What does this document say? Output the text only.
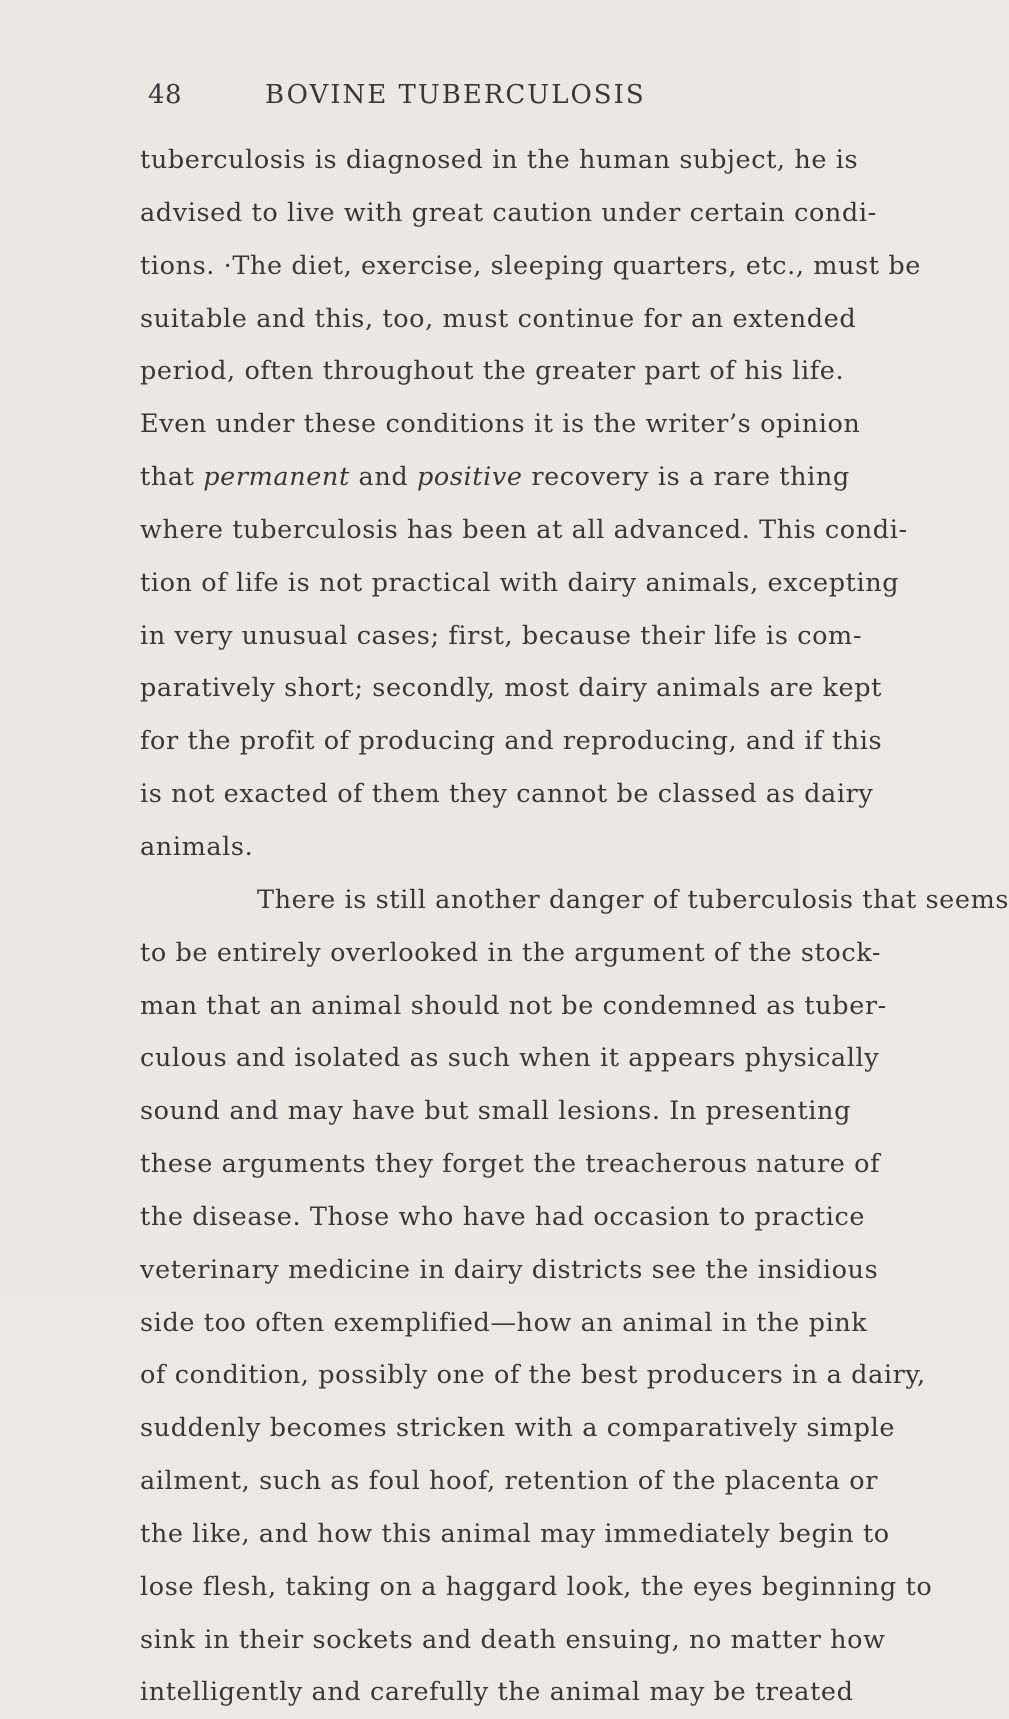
48	BOVINE TUBERCULOSIS
tuberculosis is diagnosed in the human subject, he is
advised to live with great caution under certain condi-
tions. ·The diet, exercise, sleeping quarters, etc., must be
suitable and this, too, must continue for an extended
period, often throughout the greater part of his life.
Even under these conditions it is the writer’s opinion
that permanent and positive recovery is a rare thing
where tuberculosis has been at all advanced. This condi-
tion of life is not practical with dairy animals, excepting
in very unusual cases; first, because their life is com-
paratively short; secondly, most dairy animals are kept
for the profit of producing and reproducing, and if this
is not exacted of them they cannot be classed as dairy
animals.
There is still another danger of tuberculosis that seems
to be entirely overlooked in the argument of the stock-
man that an animal should not be condemned as tuber-
culous and isolated as such when it appears physically
sound and may have but small lesions. In presenting
these arguments they forget the treacherous nature of
the disease. Those who have had occasion to practice
veterinary medicine in dairy districts see the insidious
side too often exemplified—how an animal in the pink
of condition, possibly one of the best producers in a dairy,
suddenly becomes stricken with a comparatively simple
ailment, such as foul hoof, retention of the placenta or
the like, and how this animal may immediately begin to
lose flesh, taking on a haggard look, the eyes beginning to
sink in their sockets and death ensuing, no matter how
intelligently and carefully the animal may be treated
